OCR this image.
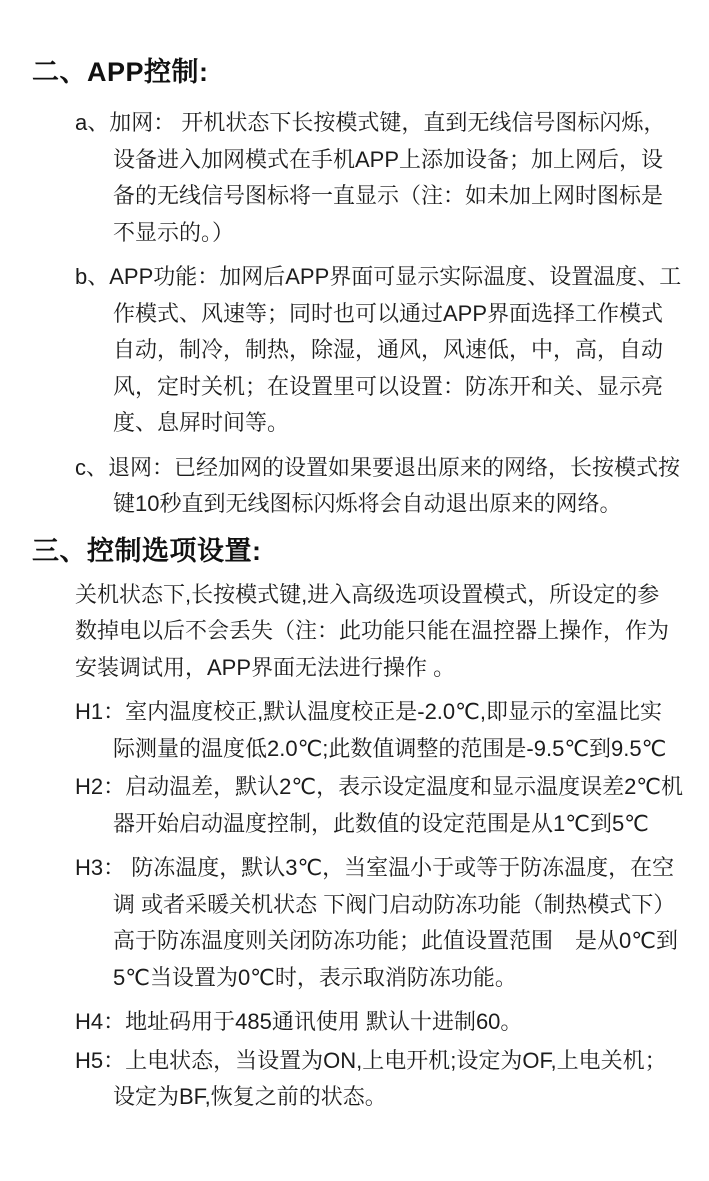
二、APP控制:
a、加网： 开机状态下长按模式键，直到无线信号图标闪烁，
设备进入加网模式在手机APP上添加设备；加上网后，设
备的无线信号图标将一直显示（注：如未加上网时图标是
不显示的。）
b、APP功能：加网后APP界面可显示实际温度、设置温度、工
作模式、风速等；同时也可以通过APP界面选择工作模式
自动，制冷，制热，除湿，通风，风速低，中，高，自动
风，定时关机；在设置里可以设置：防冻开和关、显示亮
度、息屏时间等。
c、退网：已经加网的设置如果要退出原来的网络，长按模式按
键10秒直到无线图标闪烁将会自动退出原来的网络。
三、控制选项设置:
关机状态下,长按模式键,进入高级选项设置模式，所设定的参
数掉电以后不会丢失（注：此功能只能在温控器上操作，作为
安装调试用，APP界面无法进行操作 。
H1：室内温度校正,默认温度校正是-2.0℃,即显示的室温比实
际测量的温度低2.0℃;此数值调整的范围是-9.5℃到9.5℃
H2：启动温差，默认2℃，表示设定温度和显示温度误差2℃机
器开始启动温度控制，此数值的设定范围是从1℃到5℃
H3： 防冻温度，默认3℃，当室温小于或等于防冻温度，在空
调 或者采暖关机状态 下阀门启动防冻功能（制热模式下）
高于防冻温度则关闭防冻功能；此值设置范围　是从0℃到
5℃当设置为0℃时，表示取消防冻功能。
H4：地址码用于485通讯使用 默认十进制60。
H5：上电状态，当设置为ON,上电开机;设定为OF,上电关机；
设定为BF,恢复之前的状态。
